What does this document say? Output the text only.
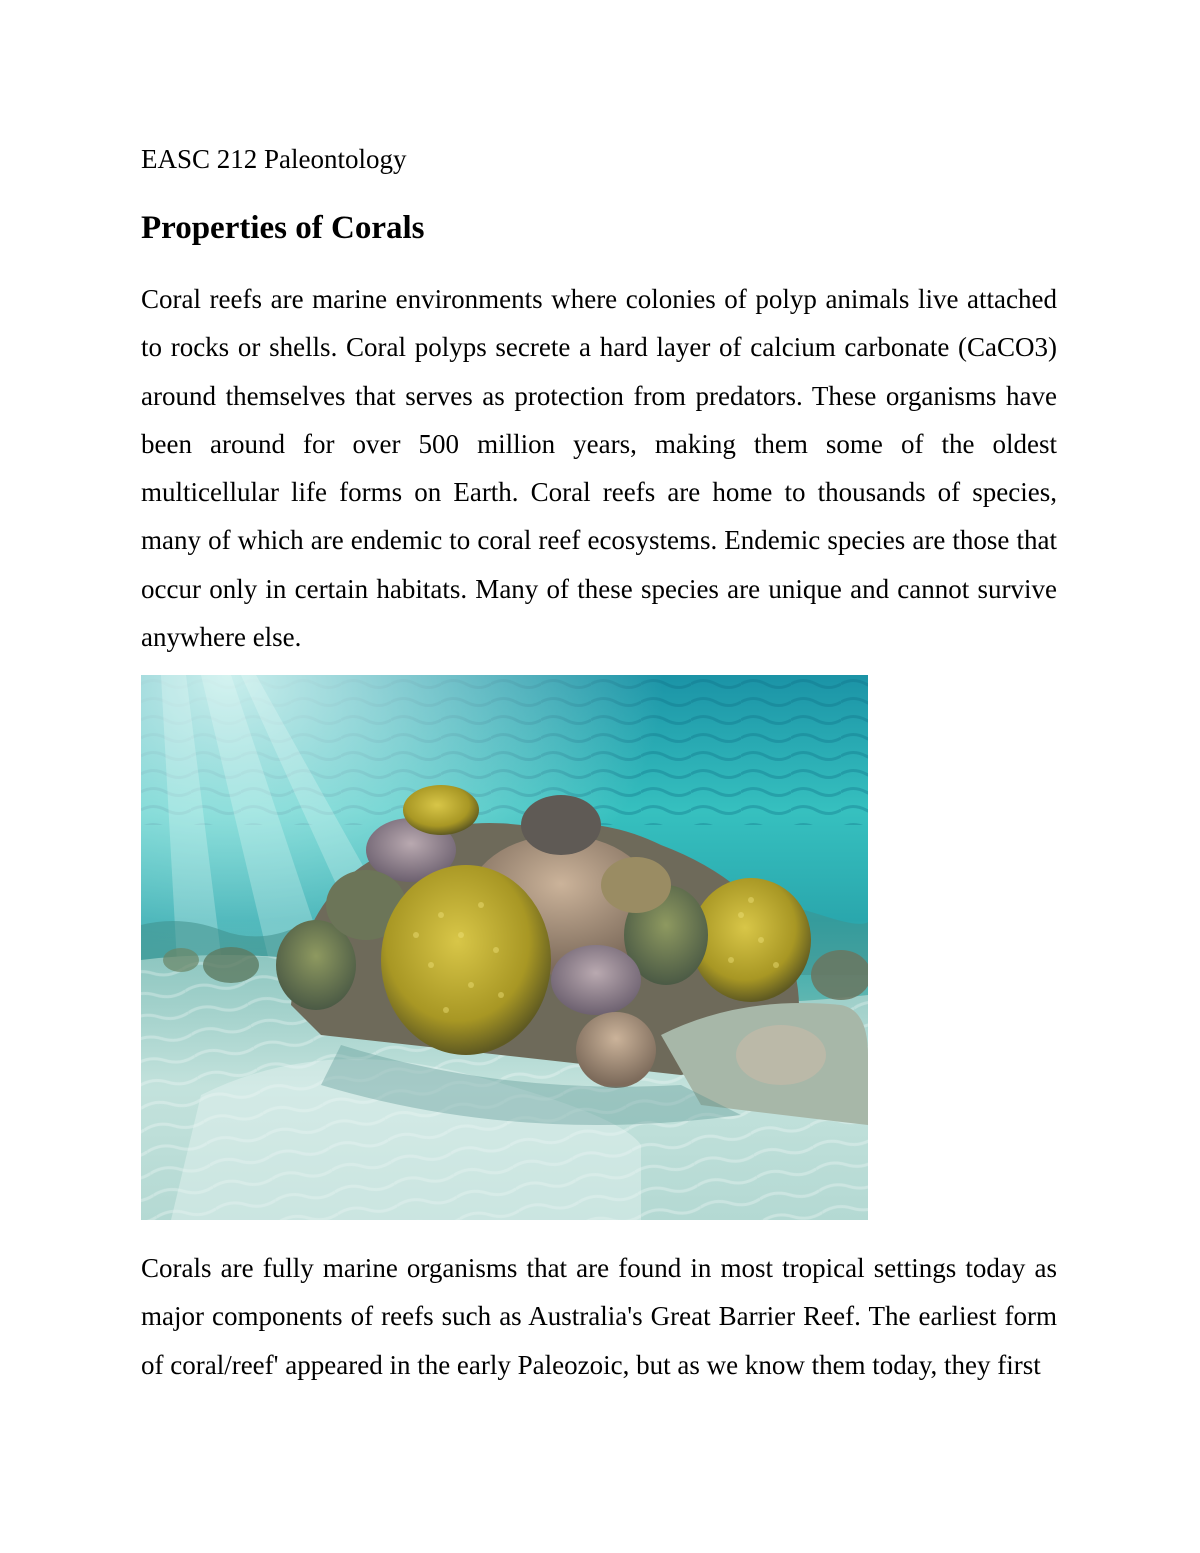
EASC 212 Paleontology
Properties of Corals

Coral reefs are marine environments where colonies of polyp animals live attached to rocks or shells. Coral polyps secrete a hard layer of calcium carbonate (CaCO3) around themselves that serves as protection from predators. These organisms have been around for over 500 million years, making them some of the oldest multicellular life forms on Earth. Coral reefs are home to thousands of species, many of which are endemic to coral reef ecosystems. Endemic species are those that occur only in certain habitats. Many of these species are unique and cannot survive anywhere else.

Corals are fully marine organisms that are found in most tropical settings today as major components of reefs such as Australia's Great Barrier Reef. The earliest form of coral/reef' appeared in the early Paleozoic, but as we know them today, they first
